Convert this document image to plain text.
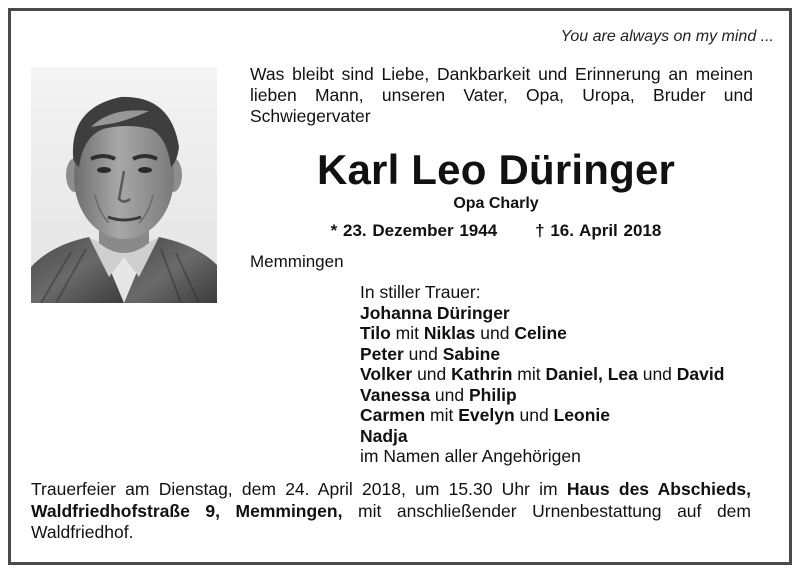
You are always on my mind ...
Was bleibt sind Liebe, Dankbarkeit und Erinnerung an meinen lieben Mann, unseren Vater, Opa, Uropa, Bruder und Schwiegervater
Karl Leo Düringer
Opa Charly
* 23. Dezember 1944 † 16. April 2018
Memmingen
In stiller Trauer:
Johanna Düringer
Tilo mit Niklas und Celine
Peter und Sabine
Volker und Kathrin mit Daniel, Lea und David
Vanessa und Philip
Carmen mit Evelyn und Leonie
Nadja
im Namen aller Angehörigen
Trauerfeier am Dienstag, dem 24. April 2018, um 15.30 Uhr im Haus des Abschieds, Waldfriedhofstraße 9, Memmingen, mit anschließender Urnenbestattung auf dem Waldfriedhof.
